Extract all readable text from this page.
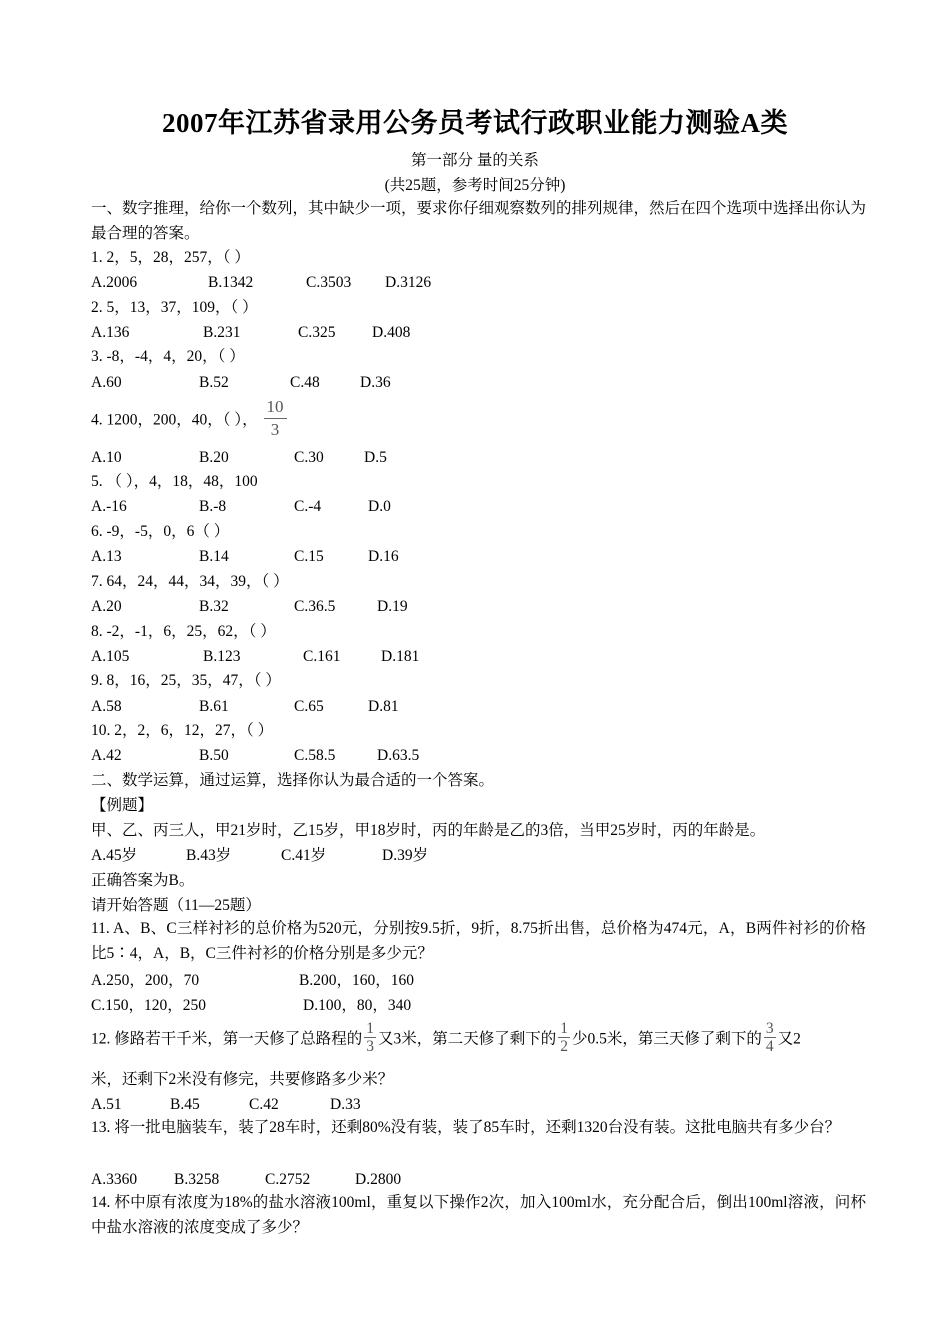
2007年江苏省录用公务员考试行政职业能力测验A类
第一部分 量的关系
(共25题，参考时间25分钟)
一、数字推理，给你一个数列，其中缺少一项，要求你仔细观察数列的排列规律，然后在四个选项中选择出你认为最合理的答案。
1. 2，5，28，257，（ ）
A.2006	B.1342	C.3503 D.3126
2. 5，13，37，109，（ ）
A.136	B.231	C.325 D.408
3. -8，-4，4，20，（ ）
A.60	B.52	C.48	D.36
4. 1200，200，40，（ ）， $\frac{10}{3}$
A.10	B.20	C.30	D.5
5. （ ），4，18，48，100
A.-16	B.-8	C.-4	D.0
6. -9，-5，0，6（ ）
A.13	B.14	C.15	D.16
7. 64，24，44，34，39，（ ）
A.20	B.32	C.36.5	D.19
8. -2，-1，6，25，62，（ ）
A.105	B.123	C.161	D.181
9. 8，16，25，35，47，（ ）
A.58	B.61	C.65	D.81
10. 2，2，6，12，27，（ ）
A.42	B.50	C.58.5	D.63.5
二、数学运算，通过运算，选择你认为最合适的一个答案。
【例题】
甲、乙、丙三人，甲21岁时，乙15岁，甲18岁时，丙的年龄是乙的3倍，当甲25岁时，丙的年龄是。
A.45岁	B.43岁	C.41岁	D.39岁
正确答案为B。
请开始答题（11—25题）
11. A、B、C三样衬衫的总价格为520元，分别按9.5折，9折，8.75折出售，总价格为474元，A，B两件衬衫的价格比5∶4，A，B，C三件衬衫的价格分别是多少元？
A.250，200，70	B.200，160，160
C.150，120，250	D.100，80，340
12. 修路若干千米，第一天修了总路程的 $\frac{1}{3}$ 又3米，第二天修了剩下的 $\frac{1}{2}$ 少0.5米，第三天修了剩下的 $\frac{3}{4}$ 又2
米，还剩下2米没有修完，共要修路多少米？
A.51	B.45	C.42	D.33
13. 将一批电脑装车，装了28车时，还剩80%没有装，装了85车时，还剩1320台没有装。这批电脑共有多少台？
A.3360 B.3258	C.2752	D.2800
14. 杯中原有浓度为18%的盐水溶液100ml，重复以下操作2次，加入100ml水，充分配合后，倒出100ml溶液，问杯中盐水溶液的浓度变成了多少？
